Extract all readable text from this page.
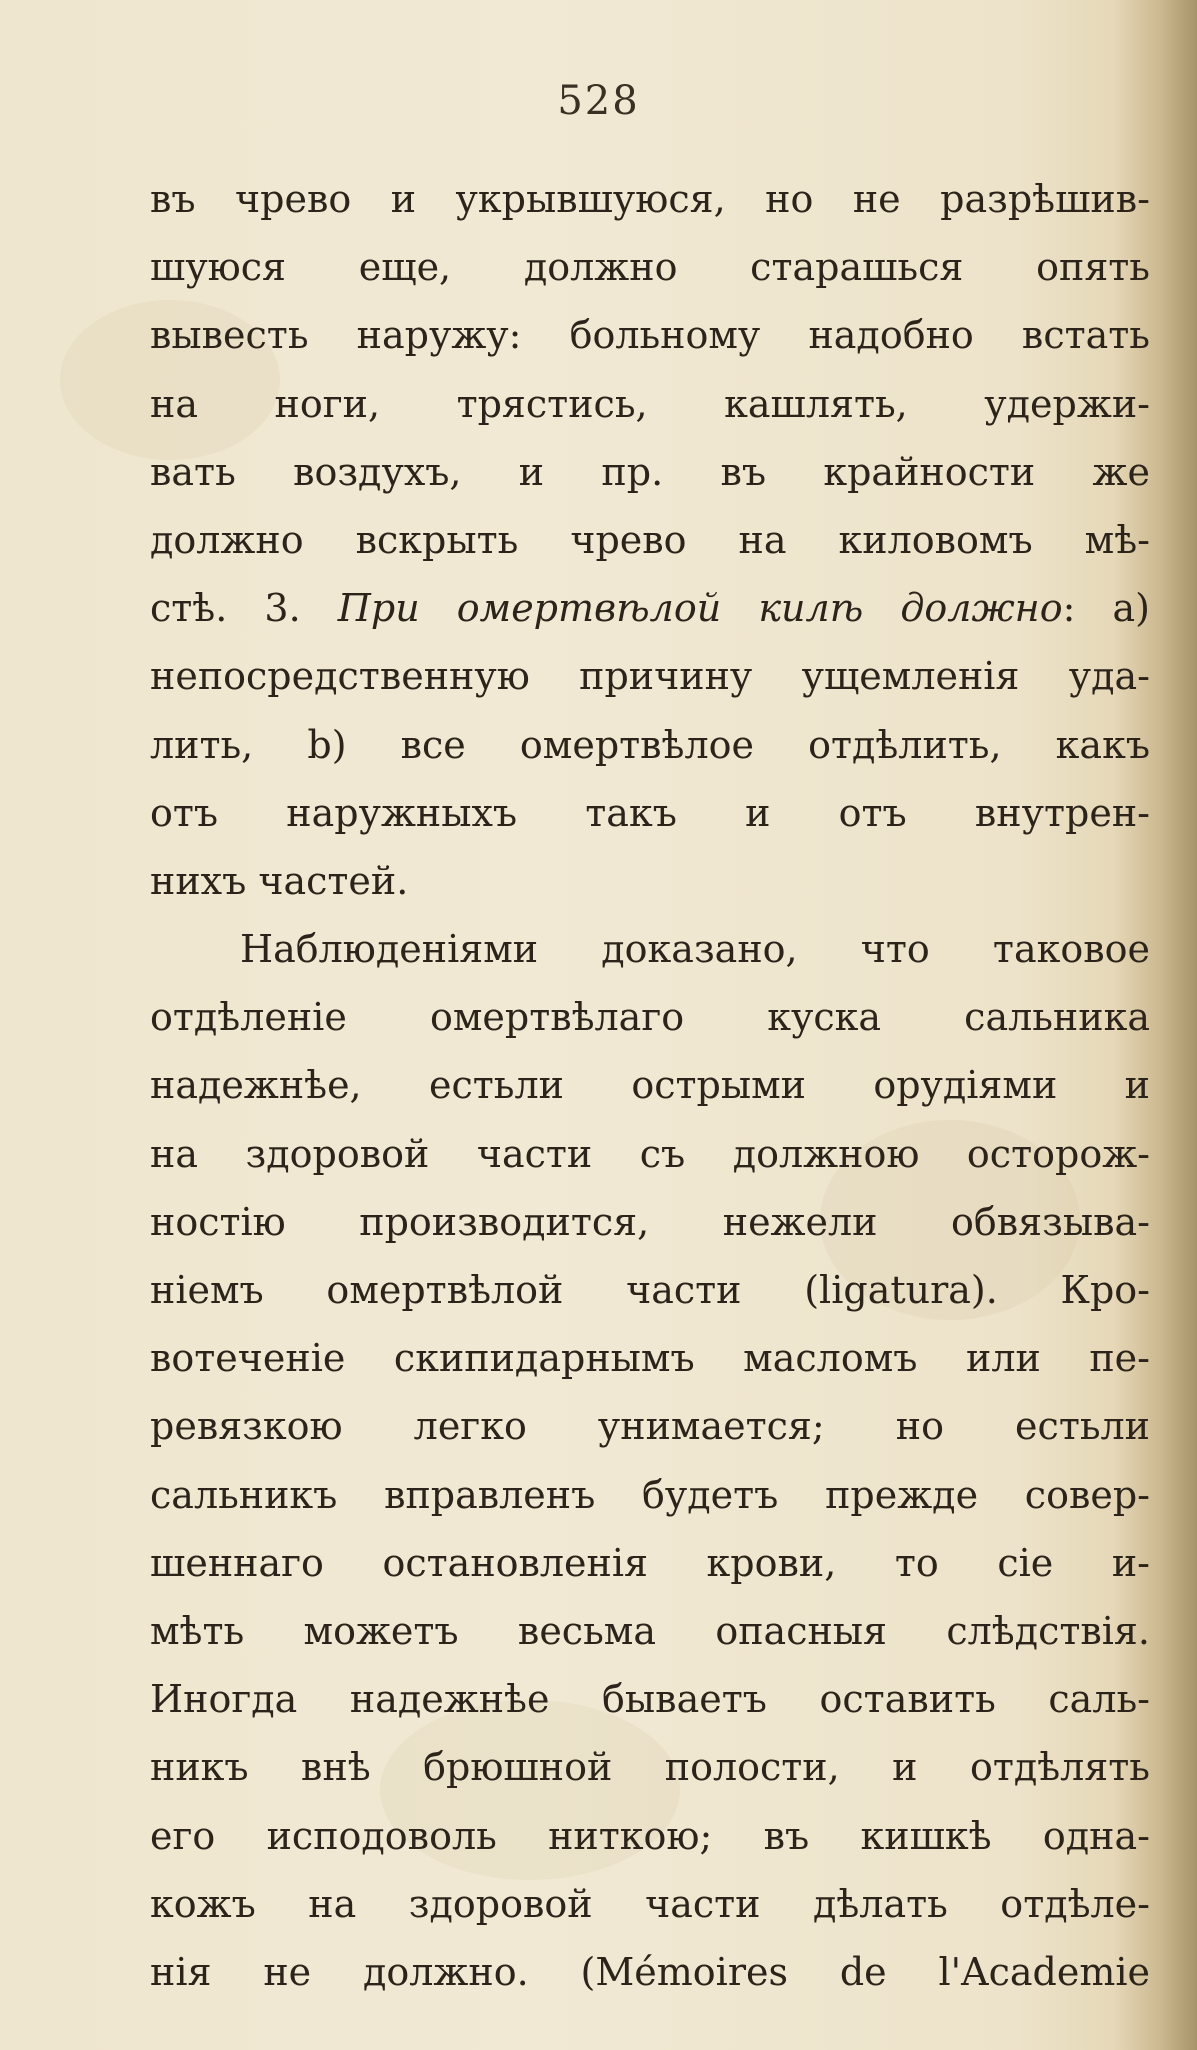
528
въ чрево и укрывшуюся, но не разрѣшив-
шуюся еще, должно старашься опять
вывесть наружу: больному надобно встать
на ноги, трястись, кашлять, удержи-
вать воздухъ, и пр. въ крайности же
должно вскрыть чрево на киловомъ мѣ-
стѣ. 3. При омертвѣлой килѣ должно: a)
непосредственную причину ущемленія уда-
лить, b) все омертвѣлое отдѣлить, какъ
отъ наружныхъ такъ и отъ внутрен-
нихъ частей.
Наблюденіями доказано, что таковое
отдѣленіе омертвѣлаго куска сальника
надежнѣе, естьли острыми орудіями и
на здоровой части съ должною осторож-
ностію производится, нежели обвязыва-
ніемъ омертвѣлой части (ligatura). Кро-
вотеченіе скипидарнымъ масломъ или пе-
ревязкою легко унимается; но естьли
сальникъ вправленъ будетъ прежде совер-
шеннаго остановленія крови, то сіе и-
мѣть можетъ весьма опасныя слѣдствія.
Иногда надежнѣе бываетъ оставить саль-
никъ внѣ брюшной полости, и отдѣлять
его исподоволь ниткою; въ кишкѣ одна-
кожъ на здоровой части дѣлать отдѣле-
нія не должно. (Mémoires de l'Academie
